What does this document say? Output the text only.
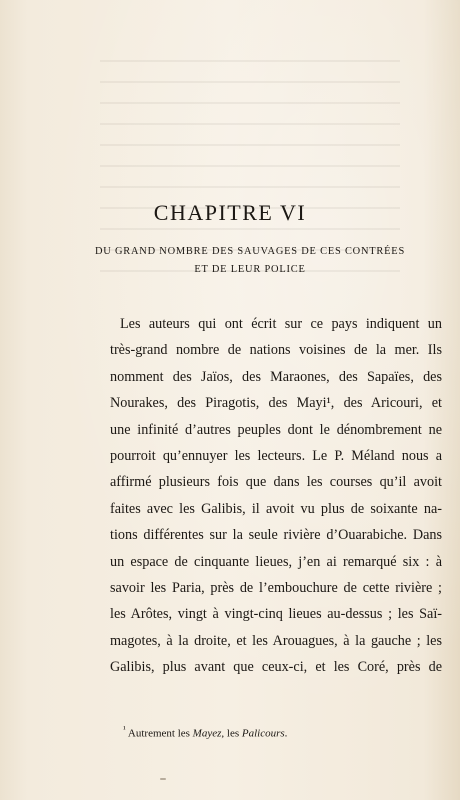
CHAPITRE VI
DU GRAND NOMBRE DES SAUVAGES DE CES CONTRÉES
ET DE LEUR POLICE
Les auteurs qui ont écrit sur ce pays indiquent un
très-grand nombre de nations voisines de la mer. Ils
nomment des Jaïos, des Maraones, des Sapaïes, des
Nourakes, des Piragotis, des Mayi¹, des Aricouri, et
une infinité d’autres peuples dont le dénombrement ne
pourroit qu’ennuyer les lecteurs. Le P. Méland nous a
affirmé plusieurs fois que dans les courses qu’il avoit
faites avec les Galibis, il avoit vu plus de soixante na-
tions différentes sur la seule rivière d’Ouarabiche. Dans
un espace de cinquante lieues, j’en ai remarqué six : à
savoir les Paria, près de l’embouchure de cette rivière ;
les Arôtes, vingt à vingt-cinq lieues au-dessus ; les Saï-
magotes, à la droite, et les Arouagues, à la gauche ; les
Galibis, plus avant que ceux-ci, et les Coré, près de
$^{^1}$ Autrement les Mayez, les Palicours.
